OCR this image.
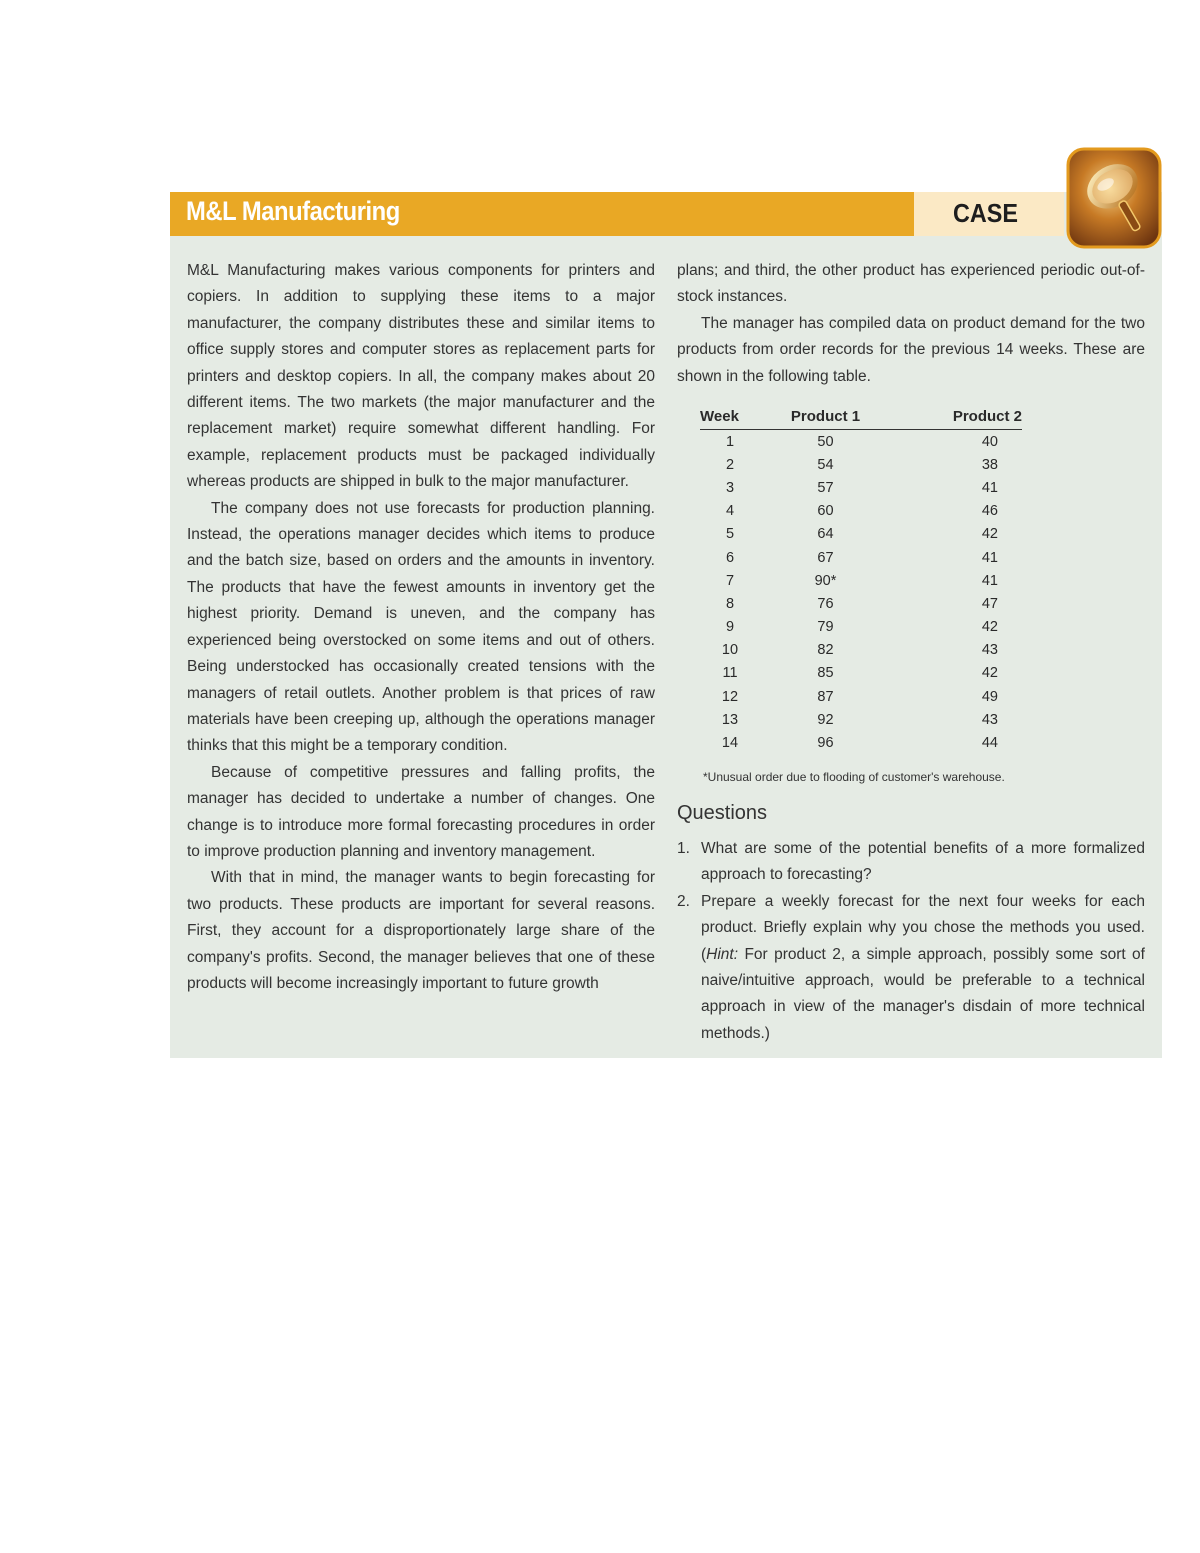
M&L Manufacturing	CASE

M&L Manufacturing makes various components for printers and copiers. In addition to supplying these items to a major manufacturer, the company distributes these and similar items to office supply stores and computer stores as replacement parts for printers and desktop copiers. In all, the company makes about 20 different items. The two markets (the major manufacturer and the replacement market) require somewhat different handling. For example, replacement products must be packaged individually whereas products are shipped in bulk to the major manufacturer.

The company does not use forecasts for production planning. Instead, the operations manager decides which items to produce and the batch size, based on orders and the amounts in inventory. The products that have the fewest amounts in inventory get the highest priority. Demand is uneven, and the company has experienced being overstocked on some items and out of others. Being understocked has occasionally created tensions with the managers of retail outlets. Another problem is that prices of raw materials have been creeping up, although the operations manager thinks that this might be a temporary condition.

Because of competitive pressures and falling profits, the manager has decided to undertake a number of changes. One change is to introduce more formal forecasting procedures in order to improve production planning and inventory management.

With that in mind, the manager wants to begin forecasting for two products. These products are important for several reasons. First, they account for a disproportionately large share of the company's profits. Second, the manager believes that one of these products will become increasingly important to future growth

plans; and third, the other product has experienced periodic out-of-stock instances.

The manager has compiled data on product demand for the two products from order records for the previous 14 weeks. These are shown in the following table.

Week	Product 1	Product 2
1	50	40
2	54	38
3	57	41
4	60	46
5	64	42
6	67	41
7	90*	41
8	76	47
9	79	42
10	82	43
11	85	42
12	87	49
13	92	43
14	96	44
*Unusual order due to flooding of customer's warehouse.
Questions
1. What are some of the potential benefits of a more formalized approach to forecasting?
2. Prepare a weekly forecast for the next four weeks for each product. Briefly explain why you chose the methods you used. (Hint: For product 2, a simple approach, possibly some sort of naive/intuitive approach, would be preferable to a technical approach in view of the manager's disdain of more technical methods.)
